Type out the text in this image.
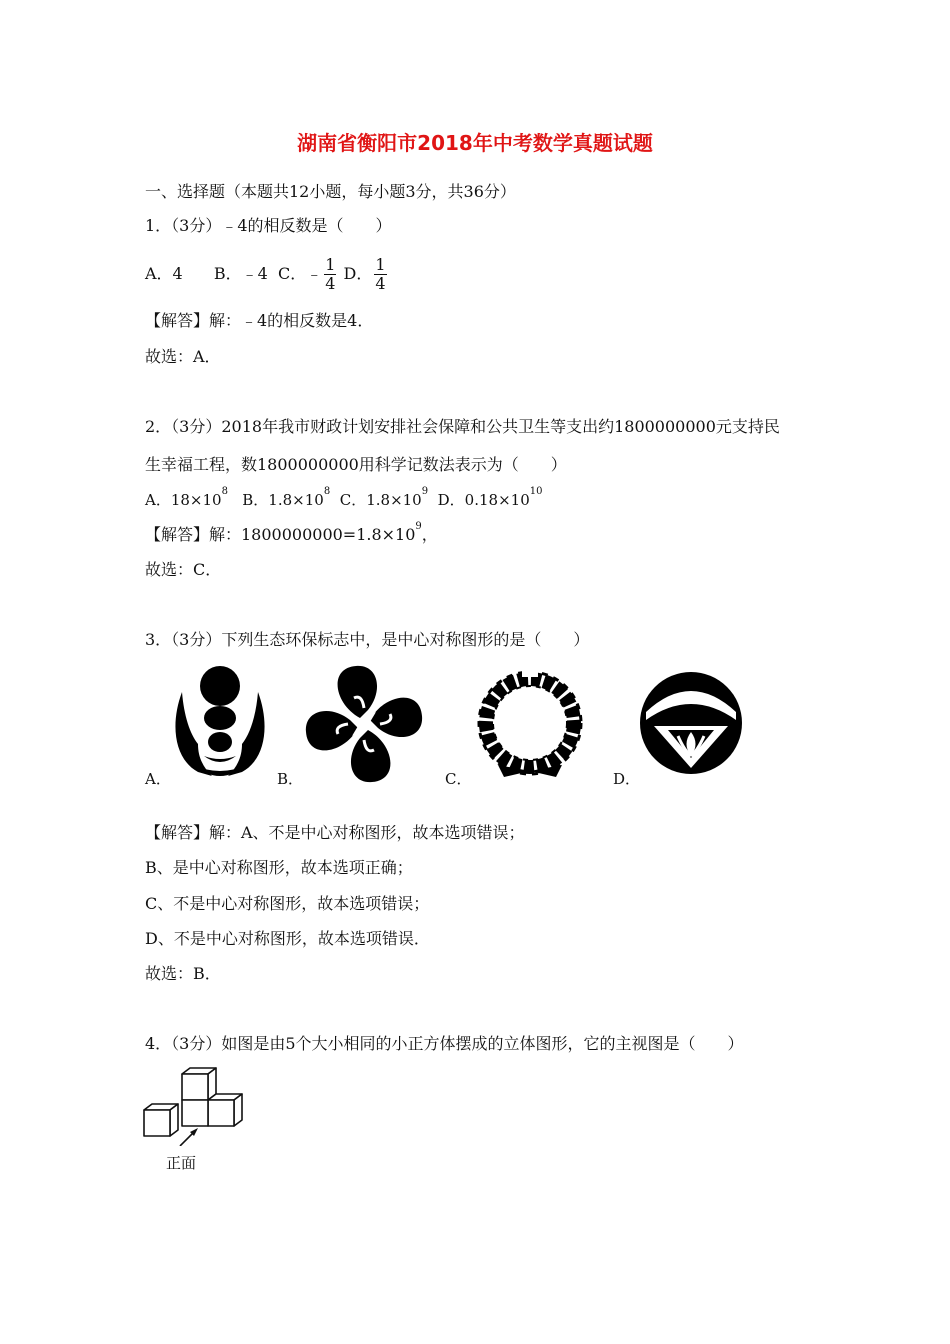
湖南省衡阳市2018年中考数学真题试题
一、选择题（本题共12小题，每小题3分，共36分）
1．（3分）﹣4的相反数是（　　）
A．4 B．﹣4 C．﹣ $\frac{1}{4}$ D． $\frac{1}{4}$
【解答】解：﹣4的相反数是4．
故选：A．
2．（3分）2018年我市财政计划安排社会保障和公共卫生等支出约1800000000元支持民
生幸福工程，数1800000000用科学记数法表示为（　　）
A．$18\times 10^8$ B．$1.8\times 10^8$ C．$1.8\times 10^9$ D．$0.18\times 10^{10}$
【解答】解：$1800000000=1.8\times 10^9$，
故选：C．
3．（3分）下列生态环保标志中，是中心对称图形的是（　　）
A．	B．	C．	D．
【解答】解：A、不是中心对称图形，故本选项错误；
B、是中心对称图形，故本选项正确；
C、不是中心对称图形，故本选项错误；
D、不是中心对称图形，故本选项错误．
故选：B．
4．（3分）如图是由5个大小相同的小正方体摆成的立体图形，它的主视图是（　　）
正面
